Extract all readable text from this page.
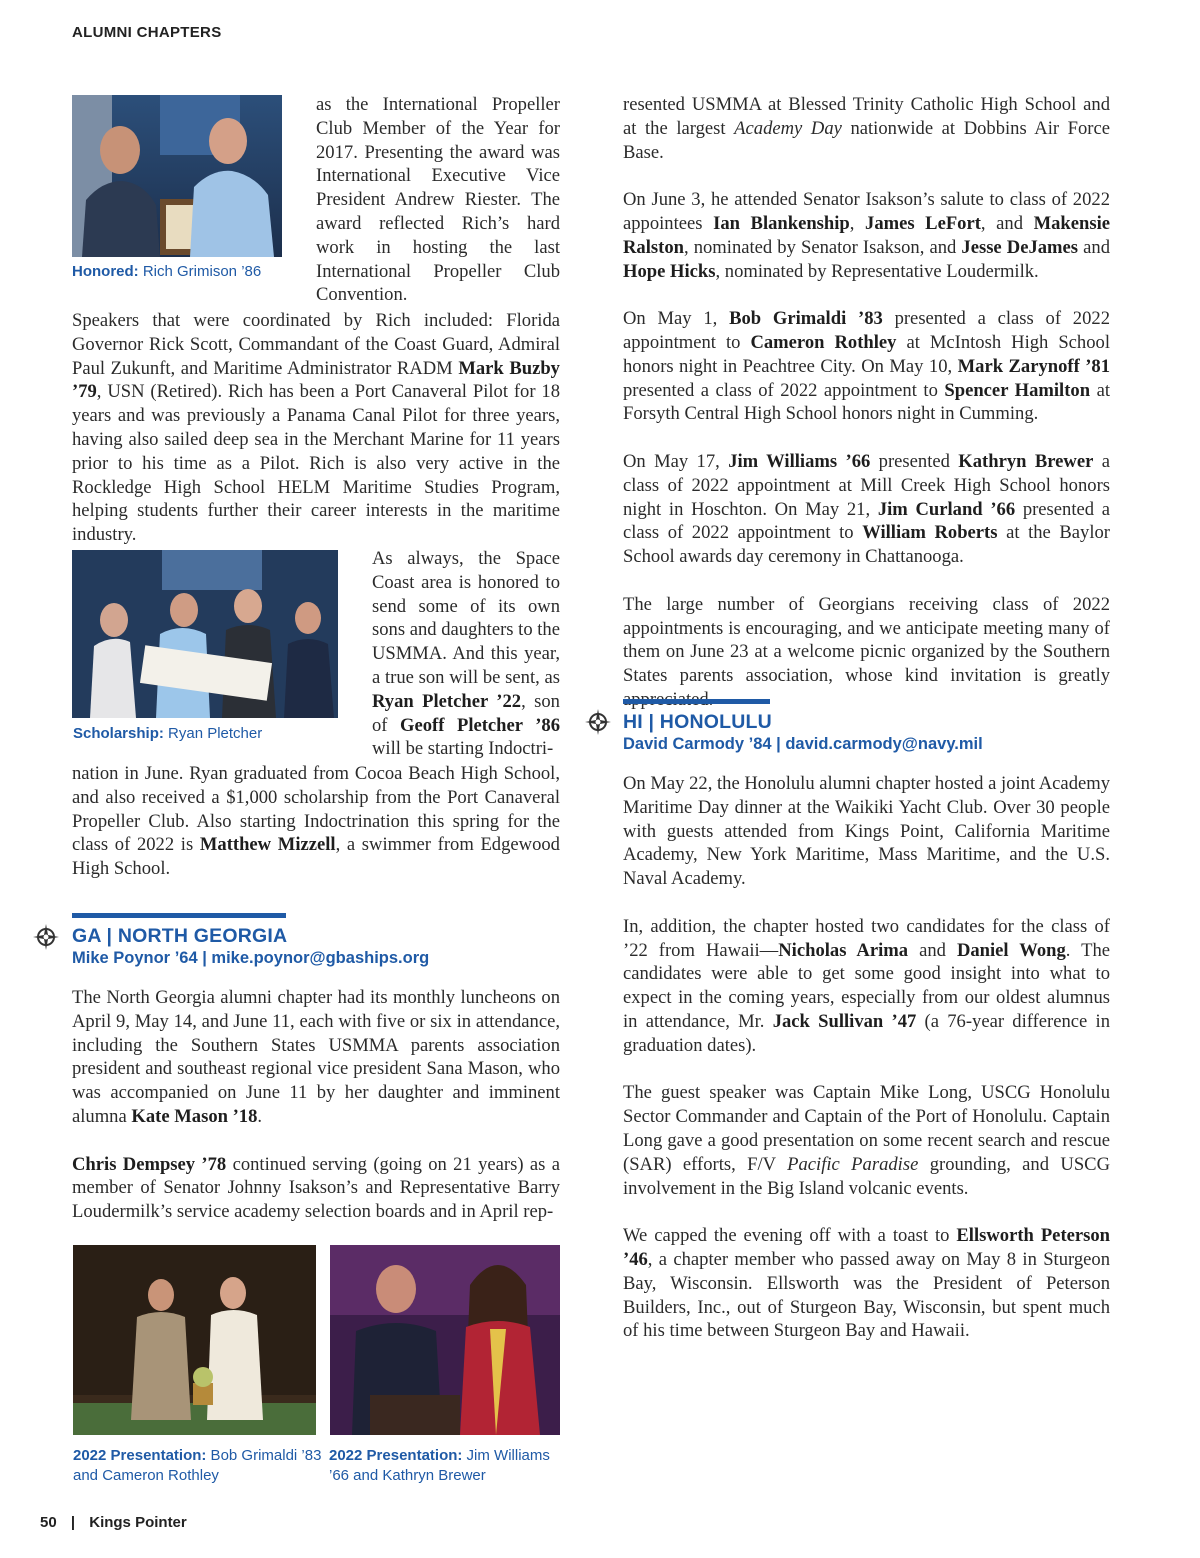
ALUMNI CHAPTERS
Honored: Rich Grimison ’86
as the International Propeller Club Member of the Year for 2017. Presenting the award was International Executive Vice President Andrew Riester. The award reflected Rich’s hard work in hosting the last International Propeller Club Convention.
Speakers that were coordinated by Rich included: Florida Governor Rick Scott, Commandant of the Coast Guard, Admiral Paul Zukunft, and Maritime Administrator RADM Mark Buzby ’79, USN (Retired). Rich has been a Port Canaveral Pilot for 18 years and was previously a Panama Canal Pilot for three years, having also sailed deep sea in the Merchant Marine for 11 years prior to his time as a Pilot. Rich is also very active in the Rockledge High School HELM Maritime Studies Program, helping students further their career interests in the maritime industry.
Scholarship: Ryan Pletcher
As always, the Space Coast area is honored to send some of its own sons and daughters to the USMMA. And this year, a true son will be sent, as Ryan Pletcher ’22, son of Geoff Pletcher ’86 will be starting Indoctri-
nation in June. Ryan graduated from Cocoa Beach High School, and also received a $1,000 scholarship from the Port Canaveral Propeller Club. Also starting Indoctrination this spring for the class of 2022 is Matthew Mizzell, a swimmer from Edgewood High School.
GA | NORTH GEORGIA
Mike Poynor ’64 | mike.poynor@gbaships.org

The North Georgia alumni chapter had its monthly luncheons on April 9, May 14, and June 11, each with five or six in attendance, including the Southern States USMMA parents association president and southeast regional vice president Sana Mason, who was accompanied on June 11 by her daughter and imminent alumna Kate Mason ’18.

Chris Dempsey ’78 continued serving (going on 21 years) as a member of Senator Johnny Isakson’s and Representative Barry Loudermilk’s service academy selection boards and in April rep-

2022 Presentation: Bob Grimaldi ’83 and Cameron Rothley
2022 Presentation: Jim Williams ’66 and Kathryn Brewer

resented USMMA at Blessed Trinity Catholic High School and at the largest Academy Day nationwide at Dobbins Air Force Base.

On June 3, he attended Senator Isakson’s salute to class of 2022 appointees Ian Blankenship, James LeFort, and Makensie Ralston, nominated by Senator Isakson, and Jesse DeJames and Hope Hicks, nominated by Representative Loudermilk.

On May 1, Bob Grimaldi ’83 presented a class of 2022 appointment to Cameron Rothley at McIntosh High School honors night in Peachtree City. On May 10, Mark Zarynoff ’81 presented a class of 2022 appointment to Spencer Hamilton at Forsyth Central High School honors night in Cumming.

On May 17, Jim Williams ’66 presented Kathryn Brewer a class of 2022 appointment at Mill Creek High School honors night in Hoschton. On May 21, Jim Curland ’66 presented a class of 2022 appointment to William Roberts at the Baylor School awards day ceremony in Chattanooga.

The large number of Georgians receiving class of 2022 appointments is encouraging, and we anticipate meeting many of them on June 23 at a welcome picnic organized by the Southern States parents association, whose kind invitation is greatly

HI | HONOLULU
David Carmody ’84 | david.carmody@navy.mil

On May 22, the Honolulu alumni chapter hosted a joint Academy Maritime Day dinner at the Waikiki Yacht Club. Over 30 people with guests attended from Kings Point, California Maritime Academy, New York Maritime, Mass Maritime, and the U.S. Naval Academy.

In, addition, the chapter hosted two candidates for the class of ’22 from Hawaii—Nicholas Arima and Daniel Wong. The candidates were able to get some good insight into what to expect in the coming years, especially from our oldest alumnus in attendance, Mr. Jack Sullivan ’47 (a 76-year difference in graduation dates).

The guest speaker was Captain Mike Long, USCG Honolulu Sector Commander and Captain of the Port of Honolulu. Captain Long gave a good presentation on some recent search and rescue (SAR) efforts, F/V Pacific Paradise grounding, and USCG involvement in the Big Island volcanic events.

We capped the evening off with a toast to Ellsworth Peterson ’46, a chapter member who passed away on May 8 in Sturgeon Bay, Wisconsin. Ellsworth was the President of Peterson Builders, Inc., out of Sturgeon Bay, Wisconsin, but spent much of his time between Sturgeon Bay and Hawaii.

50 | Kings Pointer
